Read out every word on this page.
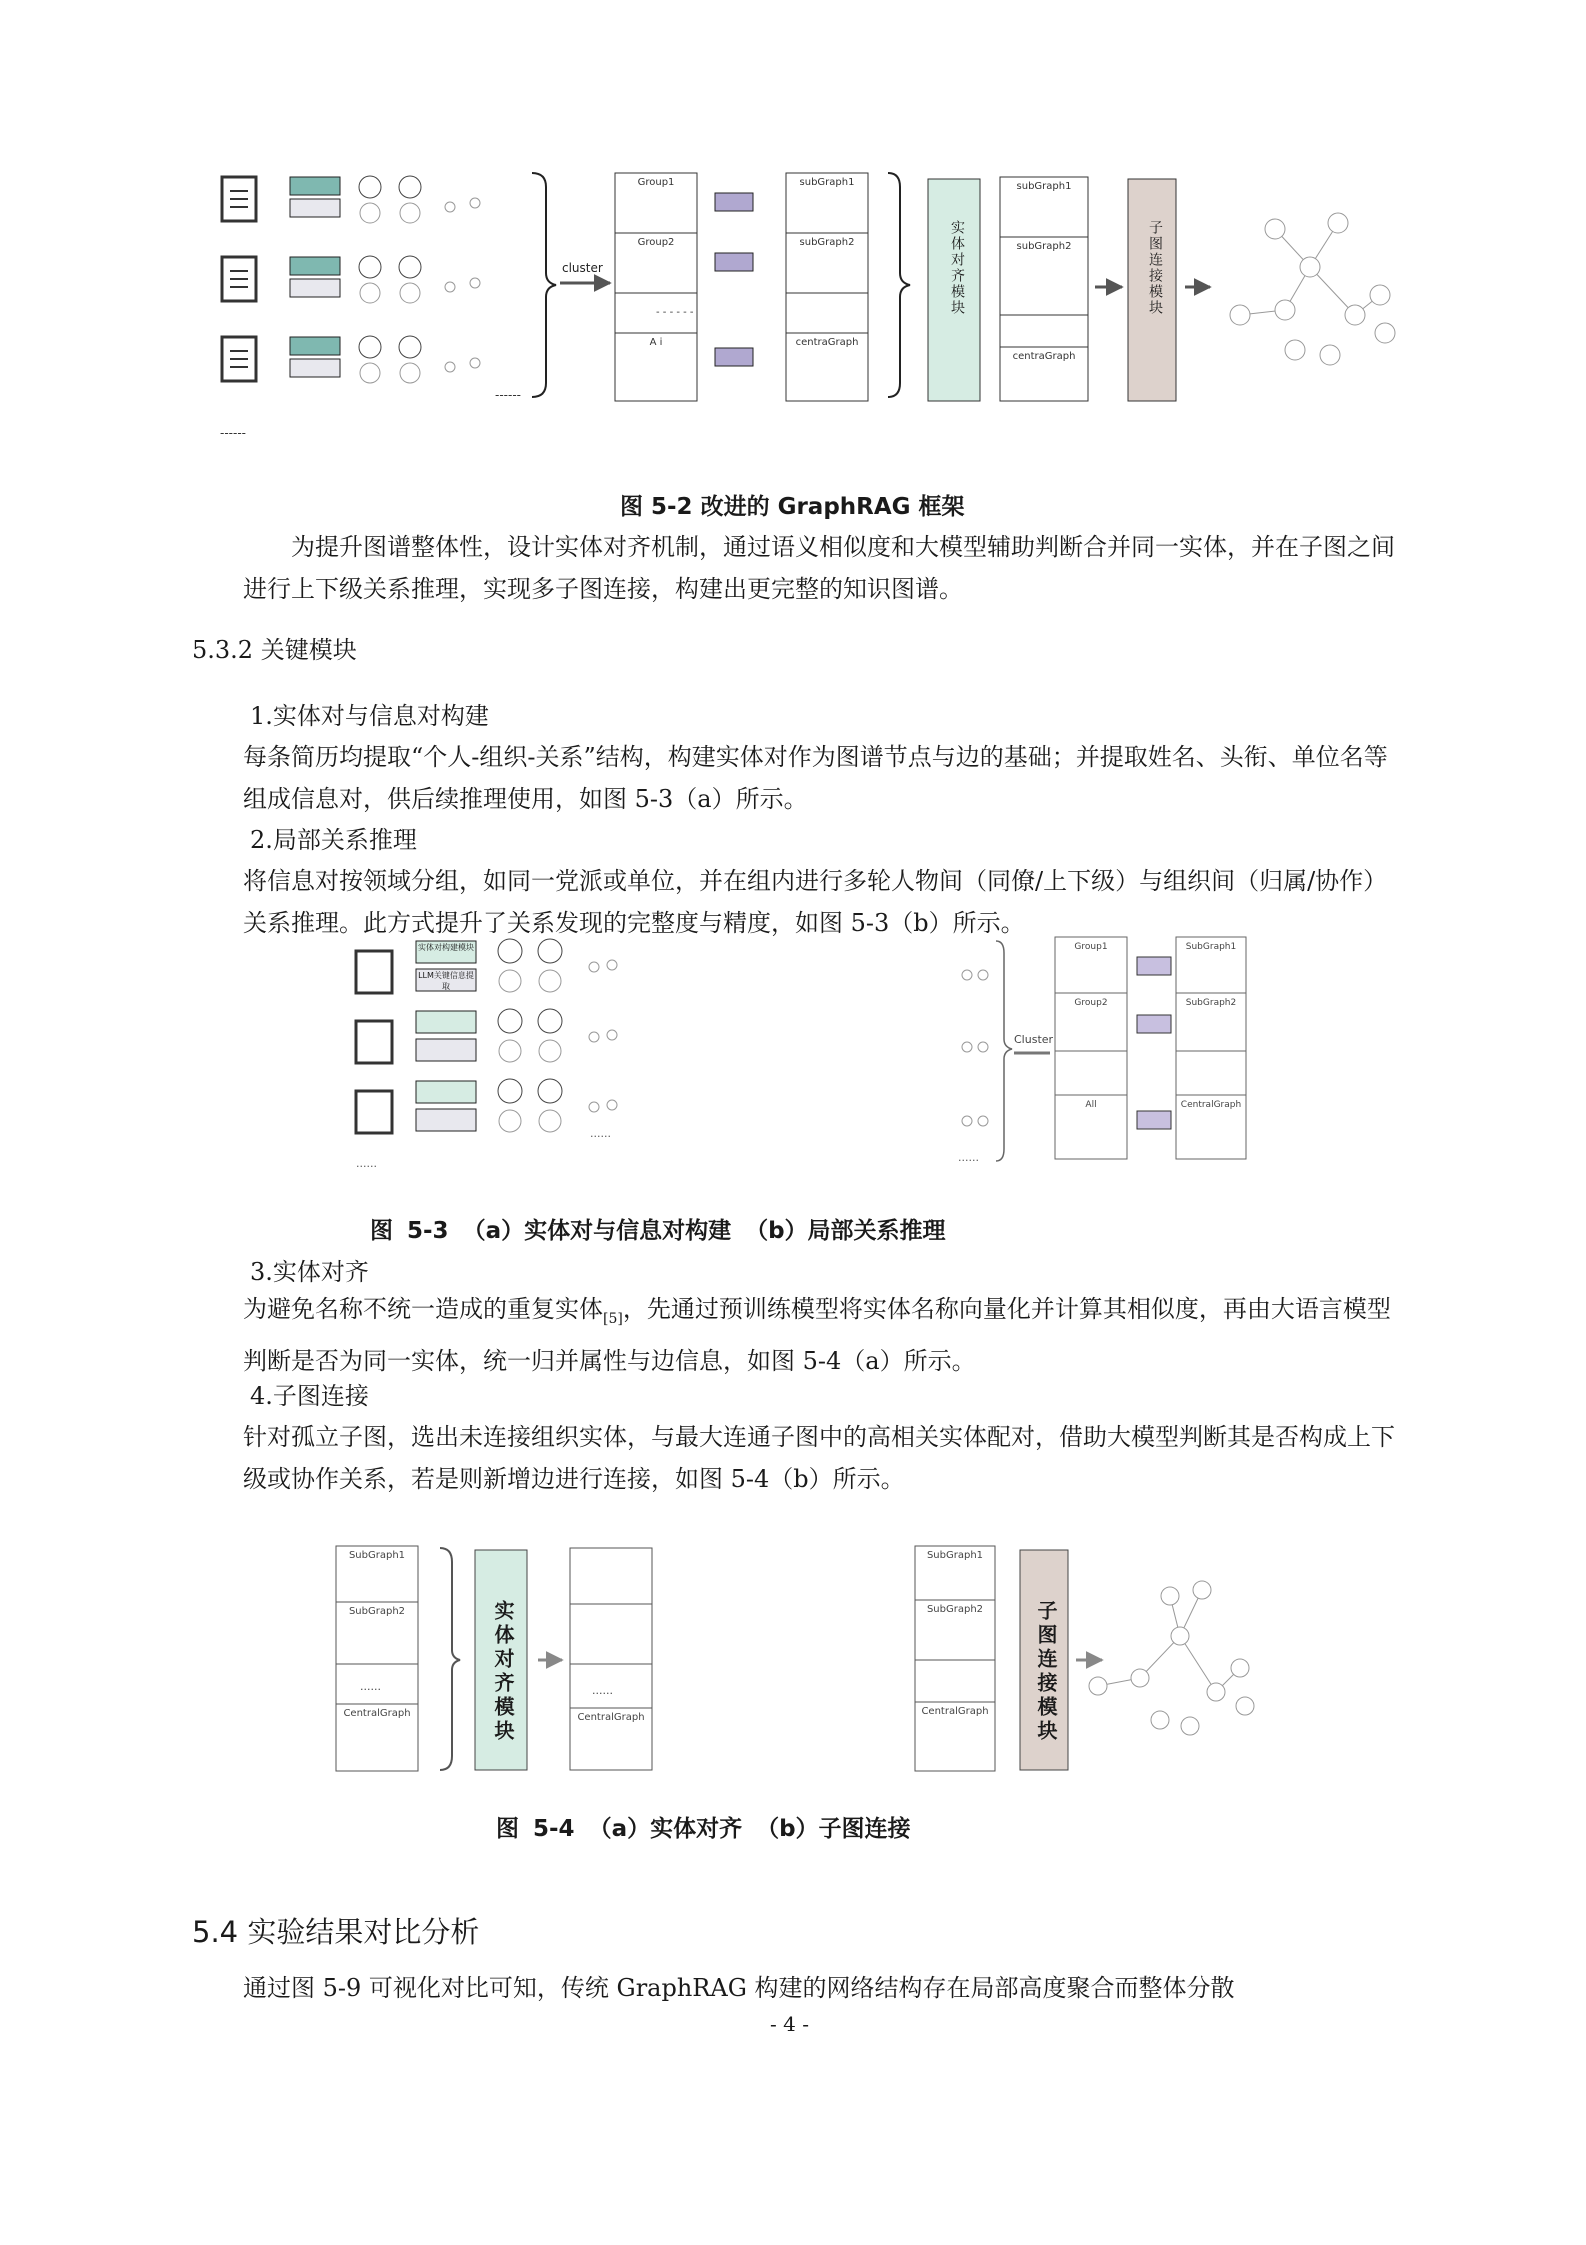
------
------
cluster
Group1
Group2
- - - - - -
A i
subGraph1
subGraph2
centraGraph
subGraph1
subGraph2
centraGraph
实体对齐模块	子图连接模块
图 5-2 改进的 GraphRAG 框架
为提升图谱整体性，设计实体对齐机制，通过语义相似度和大模型辅助判断合并同一实体，并在子图之间进行上下级关系推理，实现多子图连接，构建出更完整的知识图谱。
5.3.2 关键模块
1.实体对与信息对构建
每条简历均提取“个人-组织-关系”结构，构建实体对作为图谱节点与边的基础；并提取姓名、头衔、单位名等组成信息对，供后续推理使用，如图 5-3（a）所示。
2.局部关系推理
将信息对按领域分组，如同一党派或单位，并在组内进行多轮人物间（同僚/上下级）与组织间（归属/协作）关系推理。此方式提升了关系发现的完整度与精度，如图 5-3（b）所示。
......
......	......
Cluster
Group1
Group2
All
SubGraph1
SubGraph2
CentralGraph
实体对构建模块
LLM关键信息提取
图 5-3 （a）实体对与信息对构建 （b）局部关系推理
3.实体对齐
为避免名称不统一造成的重复实体$_{[5]}$，先通过预训练模型将实体名称向量化并计算其相似度，再由大语言模型判断是否为同一实体，统一归并属性与边信息，如图 5-4（a）所示。
4.子图连接
针对孤立子图，选出未连接组织实体，与最大连通子图中的高相关实体配对，借助大模型判断其是否构成上下级或协作关系，若是则新增边进行连接，如图 5-4（b）所示。
SubGraph1
SubGraph2
......
CentralGraph
......
CentralGraph
SubGraph1
SubGraph2
CentralGraph
实体对齐模块	子图连接模块
图 5-4 （a）实体对齐 （b）子图连接
5.4 实验结果对比分析
通过图 5-9 可视化对比可知，传统 GraphRAG 构建的网络结构存在局部高度聚合而整体分散
- 4 -
